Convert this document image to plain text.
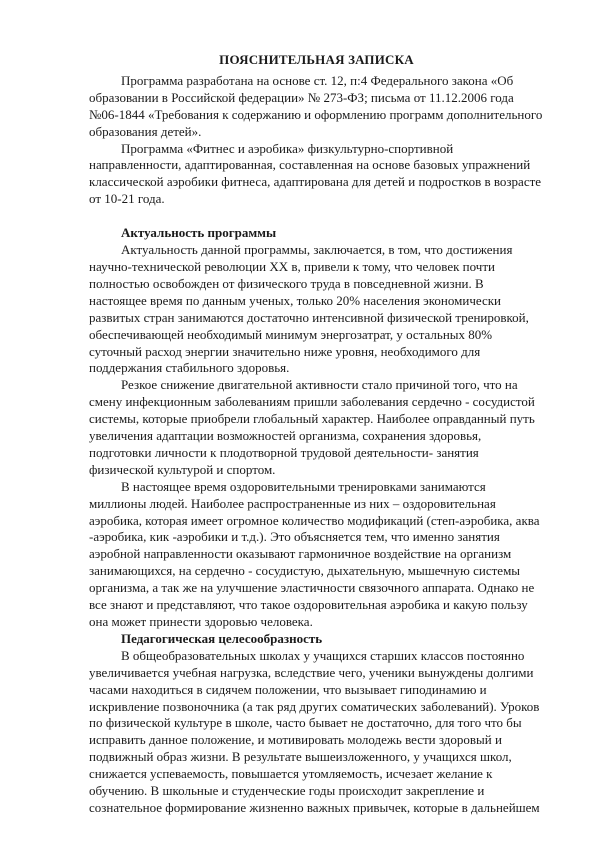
ПОЯСНИТЕЛЬНАЯ ЗАПИСКА

Программа разработана на основе ст. 12, п:4 Федерального закона «Об образовании в Российской федерации» № 273-ФЗ; письма от 11.12.2006 года №06-1844 «Требования к содержанию и оформлению программ дополнительного образования детей».

Программа «Фитнес и аэробика» физкультурно-спортивной направленности, адаптированная, составленная на основе базовых упражнений классической аэробики фитнеса, адаптирована для детей и подростков в возрасте от 10-21 года.

Актуальность программы

Актуальность данной программы, заключается, в том, что достижения научно-технической революции XX в, привели к тому, что человек почти полностью освобожден от физического труда в повседневной жизни. В настоящее время по данным ученых, только 20% населения экономически развитых стран занимаются достаточно интенсивной физической тренировкой, обеспечивающей необходимый минимум энергозатрат, у остальных 80% суточный расход энергии значительно ниже уровня, необходимого для поддержания стабильного здоровья.

Резкое снижение двигательной активности стало причиной того, что на смену инфекционным заболеваниям пришли заболевания сердечно - сосудистой системы, которые приобрели глобальный характер. Наиболее оправданный путь увеличения адаптации возможностей организма, сохранения здоровья, подготовки личности к плодотворной трудовой деятельности- занятия физической культурой и спортом.

В настоящее время оздоровительными тренировками занимаются миллионы людей. Наиболее распространенные из них – оздоровительная аэробика, которая имеет огромное количество модификаций (степ-аэробика, аква -аэробика, кик -аэробики и т.д.). Это объясняется тем, что именно занятия аэробной направленности оказывают гармоничное воздействие на организм занимающихся, на сердечно - сосудистую, дыхательную, мышечную системы организма, а так же на улучшение эластичности связочного аппарата. Однако не все знают и представляют, что такое оздоровительная аэробика и какую пользу она может принести здоровью человека.

Педагогическая целесообразность

В общеобразовательных школах у учащихся старших классов постоянно увеличивается учебная нагрузка, вследствие чего, ученики вынуждены долгими часами находиться в сидячем положении, что вызывает гиподинамию и искривление позвоночника (а так ряд других соматических заболеваний). Уроков по физической культуре в школе, часто бывает не достаточно, для того что бы исправить данное положение, и мотивировать молодежь вести здоровый и подвижный образ жизни. В результате вышеизложенного, у учащихся школ, снижается успеваемость, повышается утомляемость, исчезает желание к обучению. В школьные и студенческие годы происходит закрепление и сознательное формирование жизненно важных привычек, которые в дальнейшем
